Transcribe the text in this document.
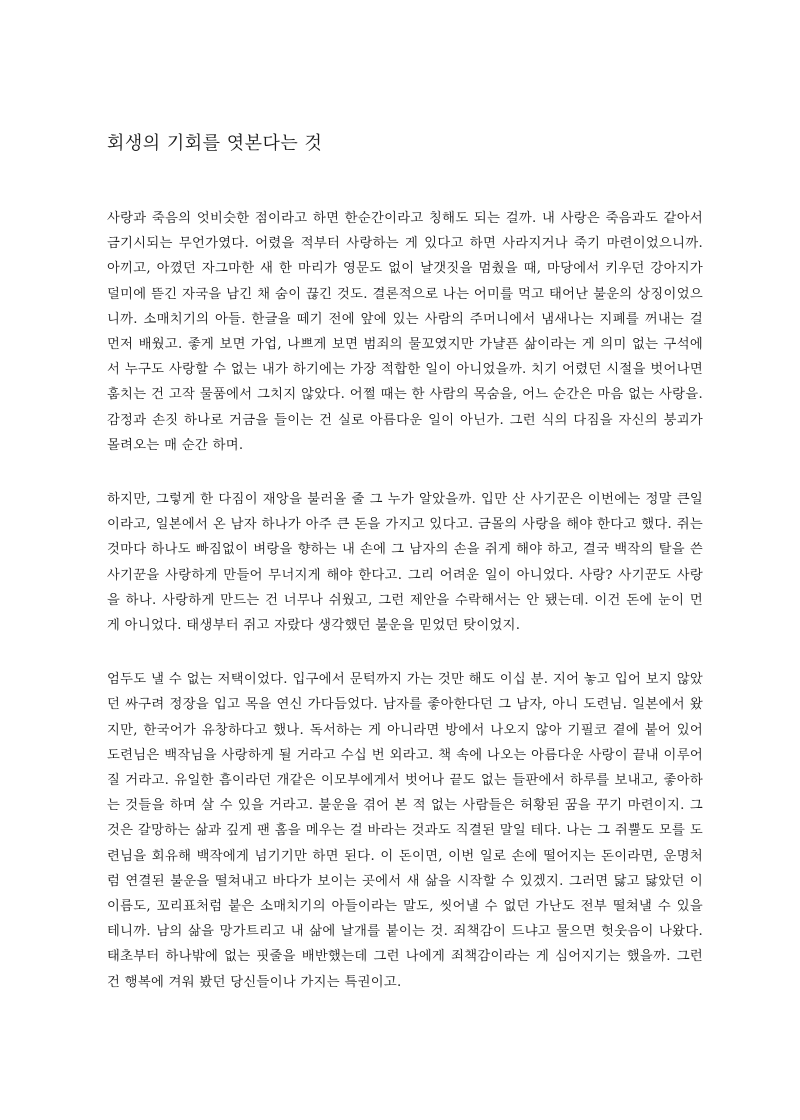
회생의 기회를 엿본다는 것

사랑과 죽음의 엇비슷한 점이라고 하면 한순간이라고 칭해도 되는 걸까. 내 사랑은 죽음과도 같아서 금기시되는 무언가였다. 어렸을 적부터 사랑하는 게 있다고 하면 사라지거나 죽기 마련이었으니까. 아끼고, 아꼈던 자그마한 새 한 마리가 영문도 없이 날갯짓을 멈췄을 때, 마당에서 키우던 강아지가 덜미에 뜯긴 자국을 남긴 채 숨이 끊긴 것도. 결론적으로 나는 어미를 먹고 태어난 불운의 상징이었으니까. 소매치기의 아들. 한글을 떼기 전에 앞에 있는 사람의 주머니에서 냄새나는 지폐를 꺼내는 걸 먼저 배웠고. 좋게 보면 가업, 나쁘게 보면 범죄의 물꼬였지만 가냘픈 삶이라는 게 의미 없는 구석에서 누구도 사랑할 수 없는 내가 하기에는 가장 적합한 일이 아니었을까. 치기 어렸던 시절을 벗어나면 훔치는 건 고작 물품에서 그치지 않았다. 어쩔 때는 한 사람의 목숨을, 어느 순간은 마음 없는 사랑을. 감정과 손짓 하나로 거금을 들이는 건 실로 아름다운 일이 아닌가. 그런 식의 다짐을 자신의 붕괴가 몰려오는 매 순간 하며.

하지만, 그렇게 한 다짐이 재앙을 불러올 줄 그 누가 알았을까. 입만 산 사기꾼은 이번에는 정말 큰일이라고, 일본에서 온 남자 하나가 아주 큰 돈을 가지고 있다고. 금몰의 사랑을 해야 한다고 했다. 쥐는 것마다 하나도 빠짐없이 벼랑을 향하는 내 손에 그 남자의 손을 쥐게 해야 하고, 결국 백작의 탈을 쓴 사기꾼을 사랑하게 만들어 무너지게 해야 한다고. 그리 어려운 일이 아니었다. 사랑? 사기꾼도 사랑을 하나. 사랑하게 만드는 건 너무나 쉬웠고, 그런 제안을 수락해서는 안 됐는데. 이건 돈에 눈이 먼 게 아니었다. 태생부터 쥐고 자랐다 생각했던 불운을 믿었던 탓이었지.

엄두도 낼 수 없는 저택이었다. 입구에서 문턱까지 가는 것만 해도 이십 분. 지어 놓고 입어 보지 않았던 싸구려 정장을 입고 목을 연신 가다듬었다. 남자를 좋아한다던 그 남자, 아니 도련님. 일본에서 왔지만, 한국어가 유창하다고 했나. 독서하는 게 아니라면 방에서 나오지 않아 기필코 곁에 붙어 있어 도련님은 백작님을 사랑하게 될 거라고 수십 번 외라고. 책 속에 나오는 아름다운 사랑이 끝내 이루어질 거라고. 유일한 흠이라던 개같은 이모부에게서 벗어나 끝도 없는 들판에서 하루를 보내고, 좋아하는 것들을 하며 살 수 있을 거라고. 불운을 겪어 본 적 없는 사람들은 허황된 꿈을 꾸기 마련이지. 그것은 갈망하는 삶과 깊게 팬 홈을 메우는 걸 바라는 것과도 직결된 말일 테다. 나는 그 쥐뿔도 모를 도련님을 회유해 백작에게 넘기기만 하면 된다. 이 돈이면, 이번 일로 손에 떨어지는 돈이라면, 운명처럼 연결된 불운을 떨쳐내고 바다가 보이는 곳에서 새 삶을 시작할 수 있겠지. 그러면 닳고 닳았던 이 이름도, 꼬리표처럼 붙은 소매치기의 아들이라는 말도, 씻어낼 수 없던 가난도 전부 떨쳐낼 수 있을 테니까. 남의 삶을 망가트리고 내 삶에 날개를 붙이는 것. 죄책감이 드냐고 물으면 헛웃음이 나왔다. 태초부터 하나밖에 없는 핏줄을 배반했는데 그런 나에게 죄책감이라는 게 심어지기는 했을까. 그런 건 행복에 겨워 봤던 당신들이나 가지는 특권이고.
